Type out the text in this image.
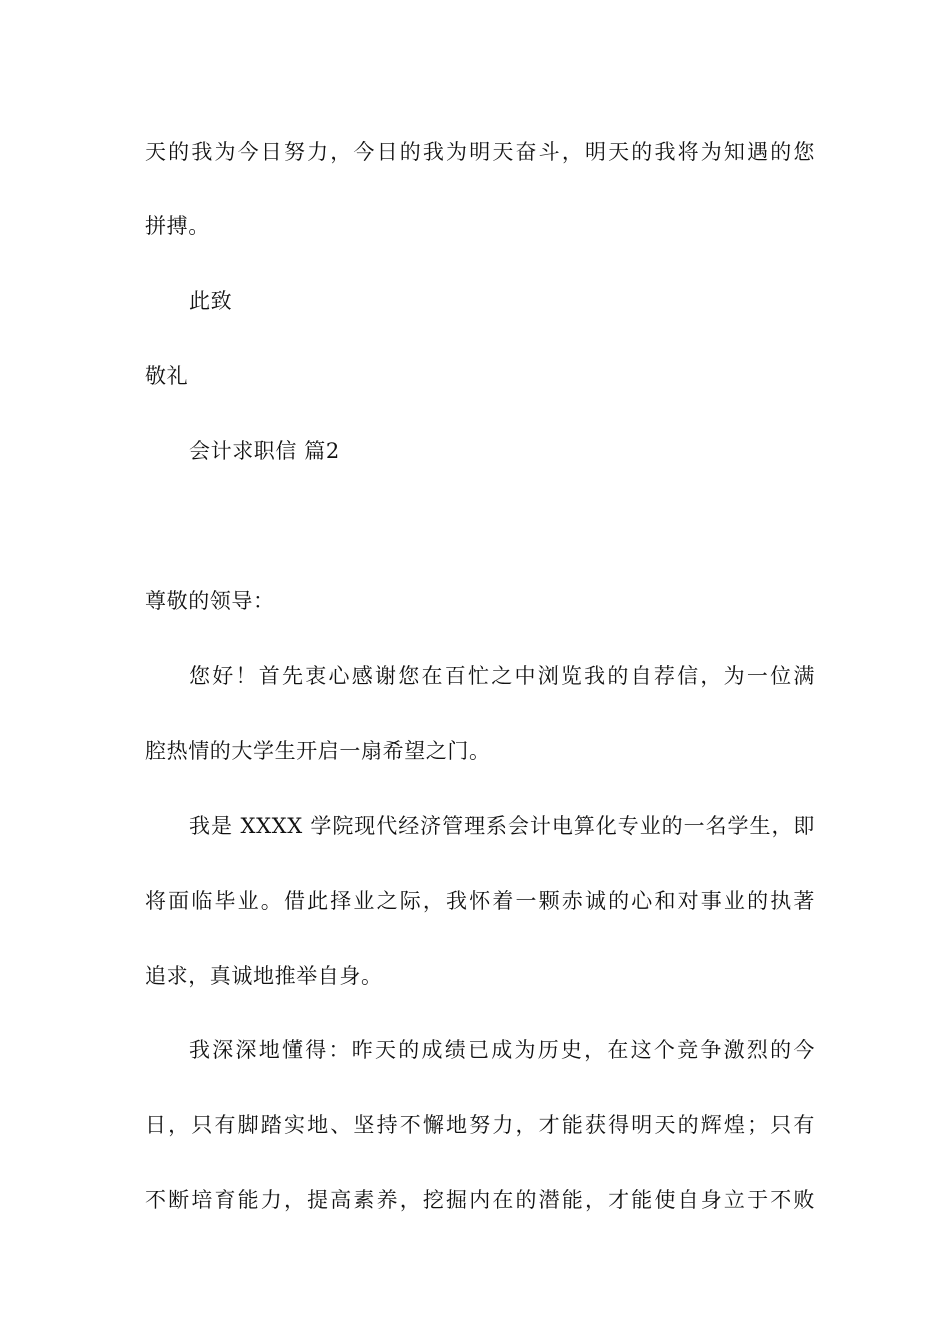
天的我为今日努力，今日的我为明天奋斗，明天的我将为知遇的您
拼搏。
此致
敬礼
会计求职信 篇2
尊敬的领导：
您好！首先衷心感谢您在百忙之中浏览我的自荐信，为一位满
腔热情的大学生开启一扇希望之门。
我是 XXXX 学院现代经济管理系会计电算化专业的一名学生，即
将面临毕业。借此择业之际，我怀着一颗赤诚的心和对事业的执著
追求，真诚地推举自身。
我深深地懂得：昨天的成绩已成为历史，在这个竞争激烈的今
日，只有脚踏实地、坚持不懈地努力，才能获得明天的辉煌；只有
不断培育能力，提高素养，挖掘内在的潜能，才能使自身立于不败
